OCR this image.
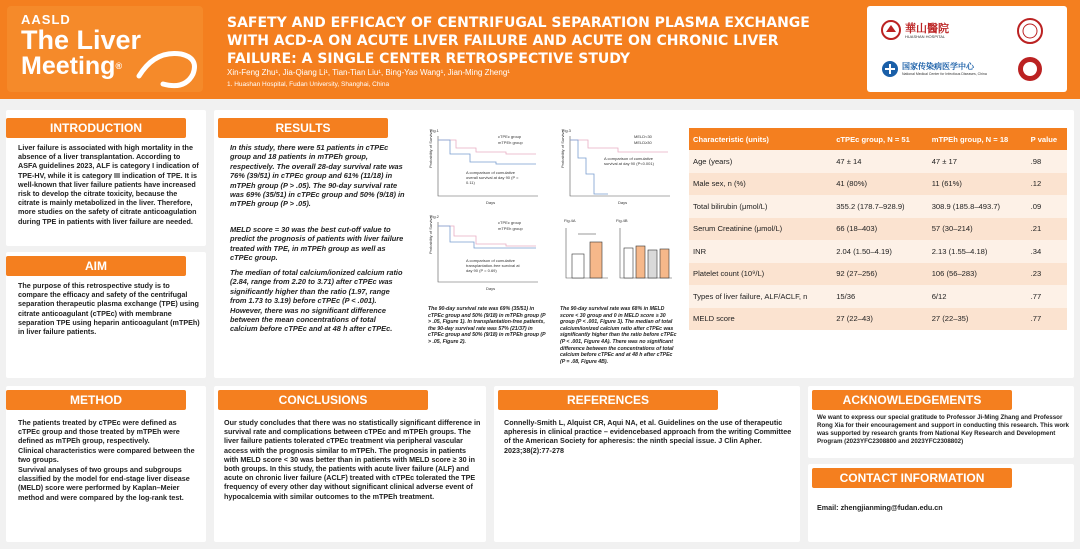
AASLD
The Liver
Meeting®
SAFETY AND EFFICACY OF CENTRIFUGAL SEPARATION PLASMA EXCHANGE WITH ACD-A ON ACUTE LIVER FAILURE AND ACUTE ON CHRONIC LIVER FAILURE: A SINGLE CENTER RETROSPECTIVE STUDY
Xin-Feng Zhu¹, Jia-Qiang Li¹, Tian-Tian Liu¹, Bing-Yao Wang¹, Jian-Ming Zheng¹
1. Huashan Hospital, Fudan University, Shanghai, China
華山醫院
HUASHAN HOSPITAL
国家传染病医学中心
National Medical Center for Infectious Diseases, China
INTRODUCTION
Liver failure is associated with high mortality in the absence of a liver transplantation. According to ASFA guidelines 2023, ALF is category I indication of TPE-HV, while it is category III indication of TPE. It is well-known that liver failure patients have increased risk to develop the citrate toxicity, because the citrate is mainly metabolized in the liver. Therefore, more studies on the safety of citrate anticoagulation during TPE in patients with liver failure are needed.
AIM
The purpose of this retrospective study is to compare the efficacy and safety of the centrifugal separation therapeutic plasma exchange (TPE) using citrate anticoagulant (cTPEc) with membrane separation TPE using heparin anticoagulant (mTPEh) in liver failure patients.
RESULTS
In this study, there were 51 patients in cTPEc group and 18 patients in mTPEh group, respectively. The overall 28-day survival rate was 76% (39/51) in cTPEc group and 61% (11/18) in mTPEh group (P > .05). The 90-day survival rate was 69% (35/51) in cTPEc group and 50% (9/18) in mTPEh group (P > .05).
MELD score = 30 was the best cut-off value to predict the prognosis of patients with liver failure treated with TPE, in mTPEh group as well as cTPEc group.
The median of total calcium/ionized calcium ratio (2.84, range from 2.20 to 3.71) after cTPEc was significantly higher than the ratio (1.97, range from 1.73 to 3.19) before cTPEc (P < .001). However, there was no significant difference between the mean concentrations of total calcium before cTPEc and at 48 h after cTPEc.
Fig.1
Probability of Survival	cTPEc group
mTPEh group
A comparison of cumulative overall survival at day 90 (P = 0.11)
Days
Fig.2
Probability of Survival	cTPEc group
mTPEh group
A comparison of cumulative transplantation-free survival at day 90 (P = 0.69)
Days
Fig.3
Probability of Survival	MELD<30
MELD≥30
A comparison of cumulative survival at day 90 (P<0.001)
Days
Fig.4A	Fig.4B
The 90-day survival rate was 69% (35/51) in cTPEc group and 50% (9/18) in mTPEh group (P > .05, Figure 1). In transplantation-free patients, the 90-day survival rate was 57% (21/37) in cTPEc group and 50% (9/18) in mTPEh group (P > .05, Figure 2).
The 90-day survival rate was 68% in MELD score < 30 group and 0 in MELD score ≥ 30 group (P < .001, Figure 3). The median of total calcium/ionized calcium ratio after cTPEc was significantly higher than the ratio before cTPEc (P < .001, Figure 4A). There was no significant difference between the concentrations of total calcium before cTPEc and at 48 h after cTPEc (P = .08, Figure 4B).
Characteristic (units)	cTPEc group, N = 51	mTPEh group, N = 18	P value
Age (years)	47 ± 14	47 ± 17	.98
Male sex, n (%)	41 (80%)	11 (61%)	.12
Total bilirubin (μmol/L)	355.2 (178.7–928.9)	308.9 (185.8–493.7)	.09
Serum Creatinine (μmol/L)	66 (18–403)	57 (30–214)	.21
INR	2.04 (1.50–4.19)	2.13 (1.55–4.18)	.34
Platelet count (10⁹/L)	92 (27–256)	106 (56–283)	.23
Types of liver failure, ALF/ACLF, n	15/36	6/12	.77
MELD score	27 (22–43)	27 (22–35)	.77
METHOD
The patients treated by cTPEc were defined as cTPEc group and those treated by mTPEh were defined as mTPEh group, respectively.
Clinical characteristics were compared between the two groups.
Survival analyses of two groups and subgroups classified by the model for end-stage liver disease (MELD) score were performed by Kaplan–Meier method and were compared by the log-rank test.
CONCLUSIONS
Our study concludes that there was no statistically significant difference in survival rate and complications between cTPEc and mTPEh groups. The liver failure patients tolerated cTPEc treatment via peripheral vascular access with the prognosis similar to mTPEh. The prognosis in patients with MELD score < 30 was better than in patients with MELD score ≥ 30 in both groups. In this study, the patients with acute liver failure (ALF) and acute on chronic liver failure (ACLF) treated with cTPEc tolerated the TPE frequency of every other day without significant clinical adverse event of hypocalcemia with similar outcomes to the mTPEh treatment.
REFERENCES
Connelly-Smith L, Alquist CR, Aqui NA, et al. Guidelines on the use of therapeutic apheresis in clinical practice – evidencebased approach from the writing Committee of the American Society for apheresis: the ninth special issue. J Clin Apher. 2023;38(2):77-278
ACKNOWLEDGEMENTS
We want to express our special gratitude to Professor Ji-Ming Zhang and Professor Rong Xia for their encouragement and support in conducting this research. This work was supported by research grants from National Key Research and Development Program (2023YFC2308800 and 2023YFC2308802)
CONTACT INFORMATION
Email: zhengjianming@fudan.edu.cn
